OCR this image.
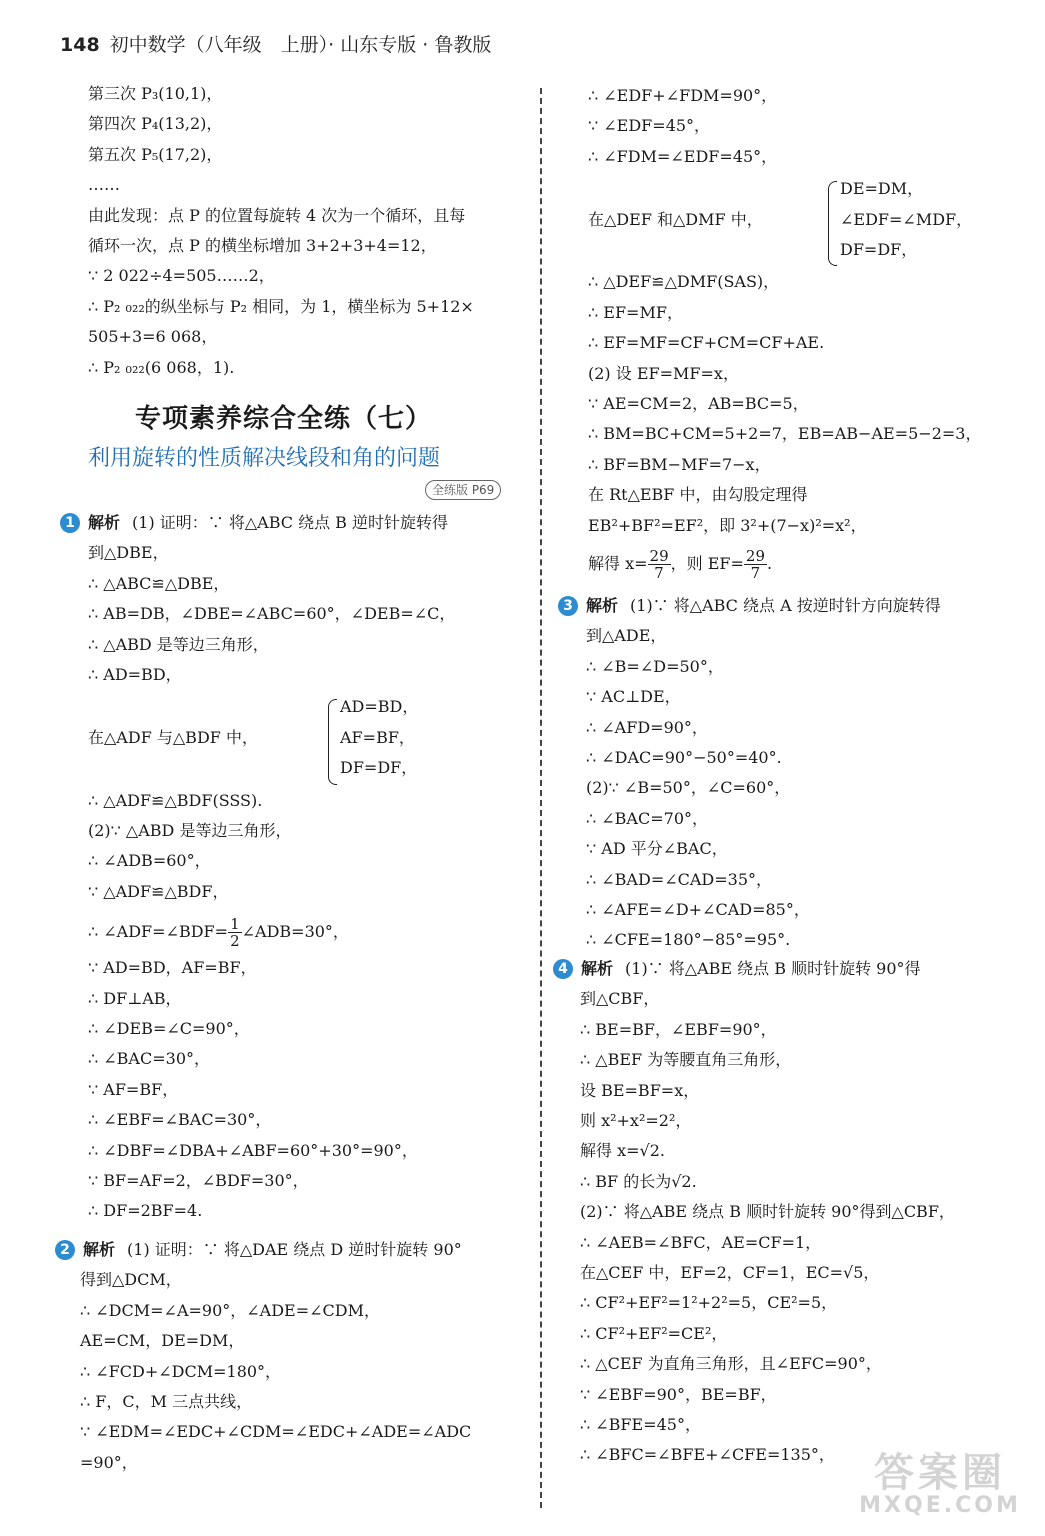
148 初中数学（八年级　上册）· 山东专版 · 鲁教版
第三次 P₃(10,1)，
第四次 P₄(13,2)，
第五次 P₅(17,2)，
……
由此发现：点 P 的位置每旋转 4 次为一个循环，且每
循环一次，点 P 的横坐标增加 3+2+3+4=12，
∵ 2 022÷4=505……2，
∴ P₂ ₀₂₂的纵坐标与 P₂ 相同，为 1，横坐标为 5+12×
505+3=6 068，
∴ P₂ ₀₂₂(6 068，1).
专项素养综合全练（七）
利用旋转的性质解决线段和角的问题
全练版 P69
1 解析 (1) 证明：∵ 将△ABC 绕点 B 逆时针旋转得
到△DBE，
∴ △ABC≌△DBE，
∴ AB=DB，∠DBE=∠ABC=60°，∠DEB=∠C，
∴ △ABD 是等边三角形，
∴ AD=BD，
在△ADF 与△BDF 中，
AD=BD，
AF=BF，
DF=DF，
∴ △ADF≌△BDF(SSS).
(2)∵ △ABD 是等边三角形，
∴ ∠ADB=60°，
∵ △ADF≌△BDF，
∴ ∠ADF=∠BDF= $\frac{1}{2}$ ∠ADB=30°，
∵ AD=BD，AF=BF，
∴ DF⊥AB，
∴ ∠DEB=∠C=90°，
∴ ∠BAC=30°，
∵ AF=BF，
∴ ∠EBF=∠BAC=30°，
∴ ∠DBF=∠DBA+∠ABF=60°+30°=90°，
∵ BF=AF=2，∠BDF=30°，
∴ DF=2BF=4.
2 解析 (1) 证明：∵ 将△DAE 绕点 D 逆时针旋转 90°
得到△DCM，
∴ ∠DCM=∠A=90°，∠ADE=∠CDM，
AE=CM，DE=DM，
∴ ∠FCD+∠DCM=180°，
∴ F，C，M 三点共线，
∵ ∠EDM=∠EDC+∠CDM=∠EDC+∠ADE=∠ADC
=90°，
∴ ∠EDF+∠FDM=90°，
∵ ∠EDF=45°，
∴ ∠FDM=∠EDF=45°，
在△DEF 和△DMF 中，
DE=DM，
∠EDF=∠MDF，
DF=DF，
∴ △DEF≌△DMF(SAS)，
∴ EF=MF，
∴ EF=MF=CF+CM=CF+AE.
(2) 设 EF=MF=x，
∵ AE=CM=2，AB=BC=5，
∴ BM=BC+CM=5+2=7，EB=AB−AE=5−2=3，
∴ BF=BM−MF=7−x，
在 Rt△EBF 中，由勾股定理得
EB²+BF²=EF²，即 3²+(7−x)²=x²，
解得 $x= \frac{29}{7}$ ，则 $EF= \frac{29}{7}$ .
3 解析 (1)∵ 将△ABC 绕点 A 按逆时针方向旋转得
到△ADE，
∴ ∠B=∠D=50°，
∵ AC⊥DE，
∴ ∠AFD=90°，
∴ ∠DAC=90°−50°=40°.
(2)∵ ∠B=50°，∠C=60°，
∴ ∠BAC=70°，
∵ AD 平分∠BAC，
∴ ∠BAD=∠CAD=35°，
∴ ∠AFE=∠D+∠CAD=85°，
∴ ∠CFE=180°−85°=95°.
4 解析 (1)∵ 将△ABE 绕点 B 顺时针旋转 90°得
到△CBF，
∴ BE=BF，∠EBF=90°，
∴ △BEF 为等腰直角三角形，
设 BE=BF=x，
则 x²+x²=2²，
解得 x=√2.
∴ BF 的长为√2.
(2)∵ 将△ABE 绕点 B 顺时针旋转 90°得到△CBF，
∴ ∠AEB=∠BFC，AE=CF=1，
在△CEF 中，EF=2，CF=1，EC=√5，
∴ CF²+EF²=1²+2²=5，CE²=5，
∴ CF²+EF²=CE²，
∴ △CEF 为直角三角形，且∠EFC=90°，
∵ ∠EBF=90°，BE=BF，
∴ ∠BFE=45°，
∴ ∠BFC=∠BFE+∠CFE=135°， 答案圈
MXQE.COM
